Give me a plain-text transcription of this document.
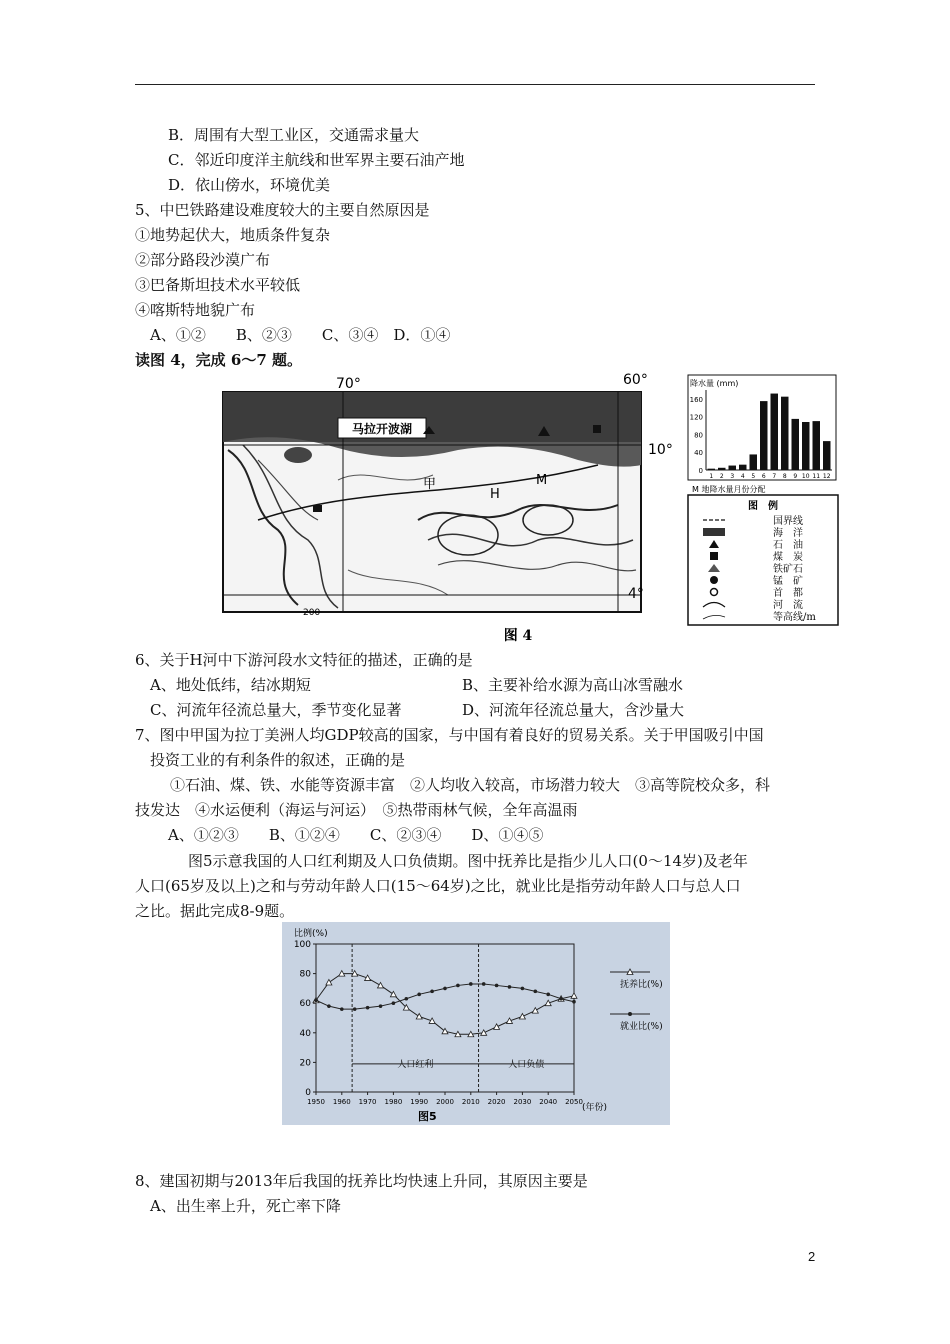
B．周围有大型工业区，交通需求量大
C．邻近印度洋主航线和世军界主要石油产地
D．依山傍水，环境优美
5、中巴铁路建设难度较大的主要自然原因是
①地势起伏大，地质条件复杂
②部分路段沙漠广布
③巴备斯坦技术水平较低
④喀斯特地貌广布
A、①②　　B、②③　　C、③④　D．①④
读图 4，完成 6～7 题。
马拉开波湖
70°	60°
10°
4°
甲
H
M
200
图 4
降水量 (mm)
M 地降水量月份分配
0
40
80
120
160
1 2 3 4 5 6 7 8 9 10 11 12
图　例
国界线
海　洋
石　油
煤　炭
铁矿石
锰　矿
首　都
河　流
等高线/m
6、关于H河中下游河段水文特征的描述，正确的是
A、地处低纬，结冰期短	B、主要补给水源为高山冰雪融水
C、河流年径流总量大，季节变化显著	D、河流年径流总量大，含沙量大
7、图中甲国为拉丁美洲人均GDP较高的国家，与中国有着良好的贸易关系。关于甲国吸引中国
投资工业的有利条件的叙述，正确的是
①石油、煤、铁、水能等资源丰富　②人均收入较高，市场潜力较大　③高等院校众多，科
技发达　④水运便利（海运与河运）　⑤热带雨林气候，全年高温雨
A、①②③　　B、①②④　　C、②③④　　D、①④⑤
图5示意我国的人口红利期及人口负债期。图中抚养比是指少儿人口(0～14岁)及老年
人口(65岁及以上)之和与劳动年龄人口(15～64岁)之比，就业比是指劳动年龄人口与总人口
之比。据此完成8-9题。
比例(%)
(年份)
图5
0
20
40
60
80
100
1950 1960 1970 1980 1990 2000 2010 2020 2030 2040 2050
人口红利	人口负债
抚养比(%)
就业比(%)
8、建国初期与2013年后我国的抚养比均快速上升同，其原因主要是
A、出生率上升，死亡率下降
2
